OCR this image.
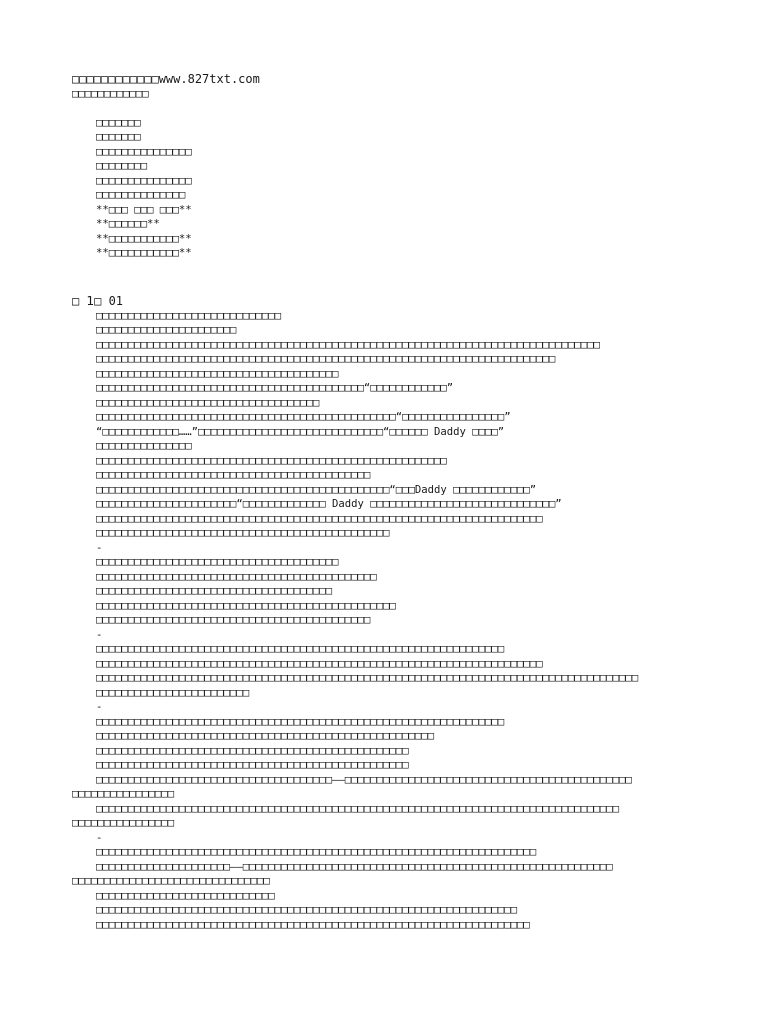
□□□□□□□□□□□□www.827txt.com
□□□□□□□□□□□□
□□□□□□□
□□□□□□□
□□□□□□□□□□□□□□□
□□□□□□□□
□□□□□□□□□□□□□□□
□□□□□□□□□□□□□□
**□□□ □□□ □□□**
**□□□□□□**
**□□□□□□□□□□□**
**□□□□□□□□□□□**
□ 1□ 01
□□□□□□□□□□□□□□□□□□□□□□□□□□□□□
□□□□□□□□□□□□□□□□□□□□□□
□□□□□□□□□□□□□□□□□□□□□□□□□□□□□□□□□□□□□□□□□□□□□□□□□□□□□□□□□□□□□□□□□□□□□□□□□□□□□□□
□□□□□□□□□□□□□□□□□□□□□□□□□□□□□□□□□□□□□□□□□□□□□□□□□□□□□□□□□□□□□□□□□□□□□□□□
□□□□□□□□□□□□□□□□□□□□□□□□□□□□□□□□□□□□□□
□□□□□□□□□□□□□□□□□□□□□□□□□□□□□□□□□□□□□□□□□□“□□□□□□□□□□□□”
□□□□□□□□□□□□□□□□□□□□□□□□□□□□□□□□□□□
□□□□□□□□□□□□□□□□□□□□□□□□□□□□□□□□□□□□□□□□□□□□□□□“□□□□□□□□□□□□□□□□”
“□□□□□□□□□□□□……”□□□□□□□□□□□□□□□□□□□□□□□□□□□□□“□□□□□□ Daddy □□□□”
□□□□□□□□□□□□□□□
□□□□□□□□□□□□□□□□□□□□□□□□□□□□□□□□□□□□□□□□□□□□□□□□□□□□□□□
□□□□□□□□□□□□□□□□□□□□□□□□□□□□□□□□□□□□□□□□□□□
□□□□□□□□□□□□□□□□□□□□□□□□□□□□□□□□□□□□□□□□□□□□□□“□□□Daddy □□□□□□□□□□□□”
□□□□□□□□□□□□□□□□□□□□□□“□□□□□□□□□□□□□ Daddy □□□□□□□□□□□□□□□□□□□□□□□□□□□□□”
□□□□□□□□□□□□□□□□□□□□□□□□□□□□□□□□□□□□□□□□□□□□□□□□□□□□□□□□□□□□□□□□□□□□□□
□□□□□□□□□□□□□□□□□□□□□□□□□□□□□□□□□□□□□□□□□□□□□□
-
□□□□□□□□□□□□□□□□□□□□□□□□□□□□□□□□□□□□□□
□□□□□□□□□□□□□□□□□□□□□□□□□□□□□□□□□□□□□□□□□□□□
□□□□□□□□□□□□□□□□□□□□□□□□□□□□□□□□□□□□□
□□□□□□□□□□□□□□□□□□□□□□□□□□□□□□□□□□□□□□□□□□□□□□□
□□□□□□□□□□□□□□□□□□□□□□□□□□□□□□□□□□□□□□□□□□□
-
□□□□□□□□□□□□□□□□□□□□□□□□□□□□□□□□□□□□□□□□□□□□□□□□□□□□□□□□□□□□□□□□
□□□□□□□□□□□□□□□□□□□□□□□□□□□□□□□□□□□□□□□□□□□□□□□□□□□□□□□□□□□□□□□□□□□□□□
□□□□□□□□□□□□□□□□□□□□□□□□□□□□□□□□□□□□□□□□□□□□□□□□□□□□□□□□□□□□□□□□□□□□□□□□□□□□□□□□□□□□□
□□□□□□□□□□□□□□□□□□□□□□□□
-
□□□□□□□□□□□□□□□□□□□□□□□□□□□□□□□□□□□□□□□□□□□□□□□□□□□□□□□□□□□□□□□□
□□□□□□□□□□□□□□□□□□□□□□□□□□□□□□□□□□□□□□□□□□□□□□□□□□□□□
□□□□□□□□□□□□□□□□□□□□□□□□□□□□□□□□□□□□□□□□□□□□□□□□□
□□□□□□□□□□□□□□□□□□□□□□□□□□□□□□□□□□□□□□□□□□□□□□□□□
□□□□□□□□□□□□□□□□□□□□□□□□□□□□□□□□□□□□□——□□□□□□□□□□□□□□□□□□□□□□□□□□□□□□□□□□□□□□□□□□□□□
□□□□□□□□□□□□□□□□
□□□□□□□□□□□□□□□□□□□□□□□□□□□□□□□□□□□□□□□□□□□□□□□□□□□□□□□□□□□□□□□□□□□□□□□□□□□□□□□□□□
□□□□□□□□□□□□□□□□
-
□□□□□□□□□□□□□□□□□□□□□□□□□□□□□□□□□□□□□□□□□□□□□□□□□□□□□□□□□□□□□□□□□□□□□
□□□□□□□□□□□□□□□□□□□□□——□□□□□□□□□□□□□□□□□□□□□□□□□□□□□□□□□□□□□□□□□□□□□□□□□□□□□□□□□□
□□□□□□□□□□□□□□□□□□□□□□□□□□□□□□□
□□□□□□□□□□□□□□□□□□□□□□□□□□□□
□□□□□□□□□□□□□□□□□□□□□□□□□□□□□□□□□□□□□□□□□□□□□□□□□□□□□□□□□□□□□□□□□□
□□□□□□□□□□□□□□□□□□□□□□□□□□□□□□□□□□□□□□□□□□□□□□□□□□□□□□□□□□□□□□□□□□□□
